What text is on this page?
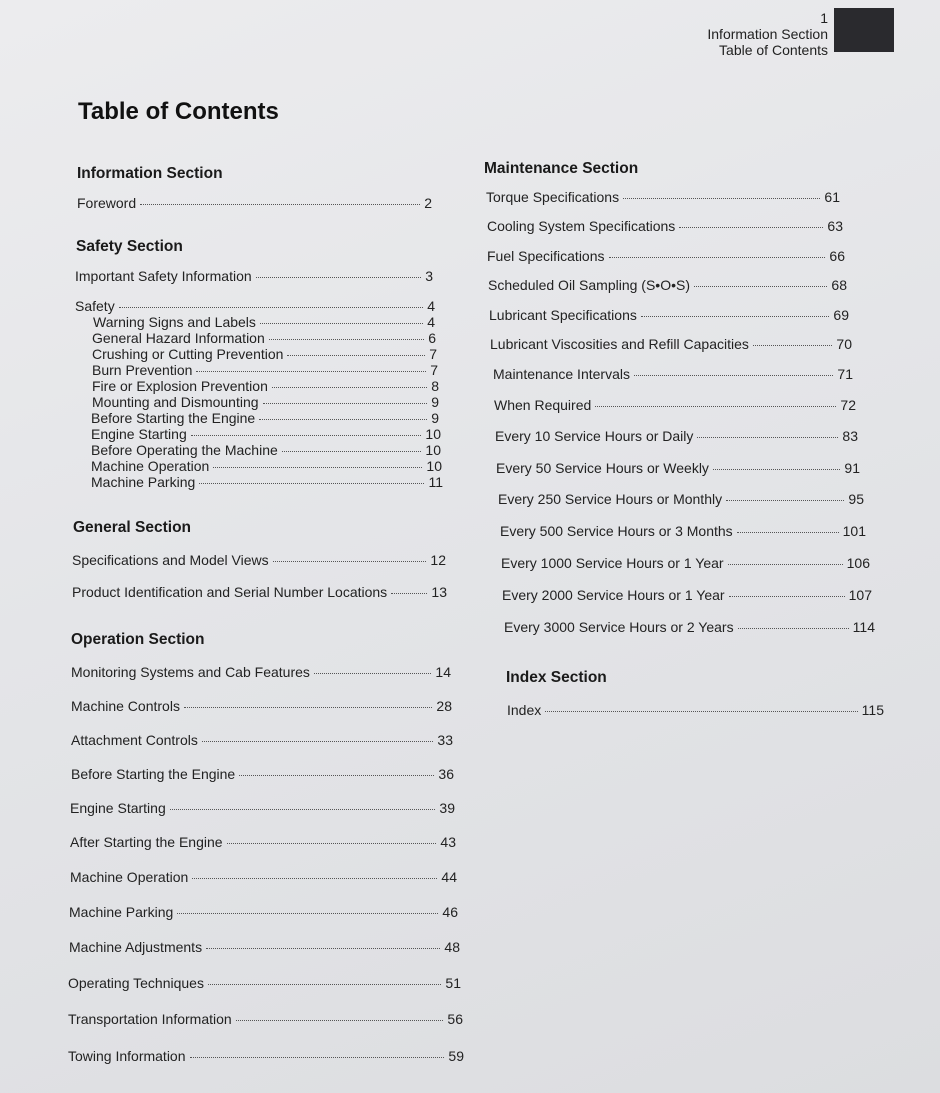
1
Information Section
Table of Contents
Table of Contents
Information Section
Foreword	2
Safety Section
Important Safety Information	3
Safety	4
Warning Signs and Labels	4
General Hazard Information	6
Crushing or Cutting Prevention	7
Burn Prevention	7
Fire or Explosion Prevention	8
Mounting and Dismounting	9
Before Starting the Engine	9
Engine Starting	10
Before Operating the Machine	10
Machine Operation	10
Machine Parking	11
General Section
Specifications and Model Views	12
Product Identification and Serial Number Locations	13
Operation Section
Monitoring Systems and Cab Features	14
Machine Controls	28
Attachment Controls	33
Before Starting the Engine	36
Engine Starting	39
After Starting the Engine	43
Machine Operation	44
Machine Parking	46
Machine Adjustments	48
Operating Techniques	51
Transportation Information	56
Towing Information	59
Maintenance Section
Torque Specifications	61
Cooling System Specifications	63
Fuel Specifications	66
Scheduled Oil Sampling (S•O•S)	68
Lubricant Specifications	69
Lubricant Viscosities and Refill Capacities	70
Maintenance Intervals	71
When Required	72
Every 10 Service Hours or Daily	83
Every 50 Service Hours or Weekly	91
Every 250 Service Hours or Monthly	95
Every 500 Service Hours or 3 Months	101
Every 1000 Service Hours or 1 Year	106
Every 2000 Service Hours or 1 Year	107
Every 3000 Service Hours or 2 Years	114
Index Section
Index	115
